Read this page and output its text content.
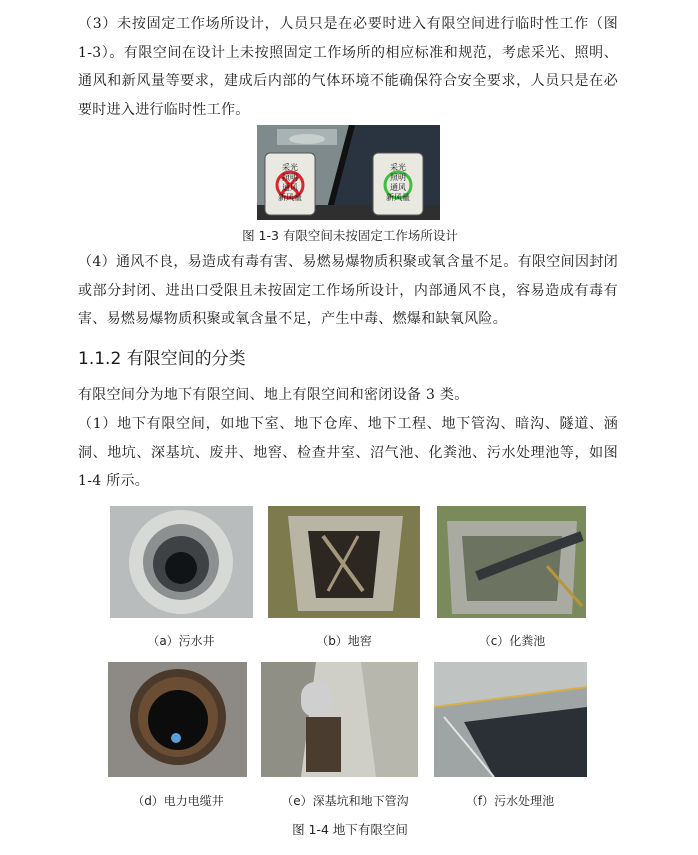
（3）未按固定工作场所设计，人员只是在必要时进入有限空间进行临时性工作（图 1-3）。有限空间在设计上未按照固定工作场所的相应标准和规范，考虑采光、照明、通风和新风量等要求，建成后内部的气体环境不能确保符合安全要求，人员只是在必要时进入进行临时性工作。

采光
照明
通风
新风量
采光
照明
通风
新风量
图 1-3 有限空间未按固定工作场所设计

（4）通风不良，易造成有毒有害、易燃易爆物质积聚或氧含量不足。有限空间因封闭或部分封闭、进出口受限且未按固定工作场所设计，内部通风不良，容易造成有毒有害、易燃易爆物质积聚或氧含量不足，产生中毒、燃爆和缺氧风险。

1.1.2 有限空间的分类

有限空间分为地下有限空间、地上有限空间和密闭设备 3 类。

（1）地下有限空间，如地下室、地下仓库、地下工程、地下管沟、暗沟、隧道、涵洞、地坑、深基坑、废井、地窖、检查井室、沼气池、化粪池、污水处理池等，如图 1-4 所示。

（a）污水井	（b）地窖	（c）化粪池
（d）电力电缆井	（e）深基坑和地下管沟	（f）污水处理池
图 1-4 地下有限空间
